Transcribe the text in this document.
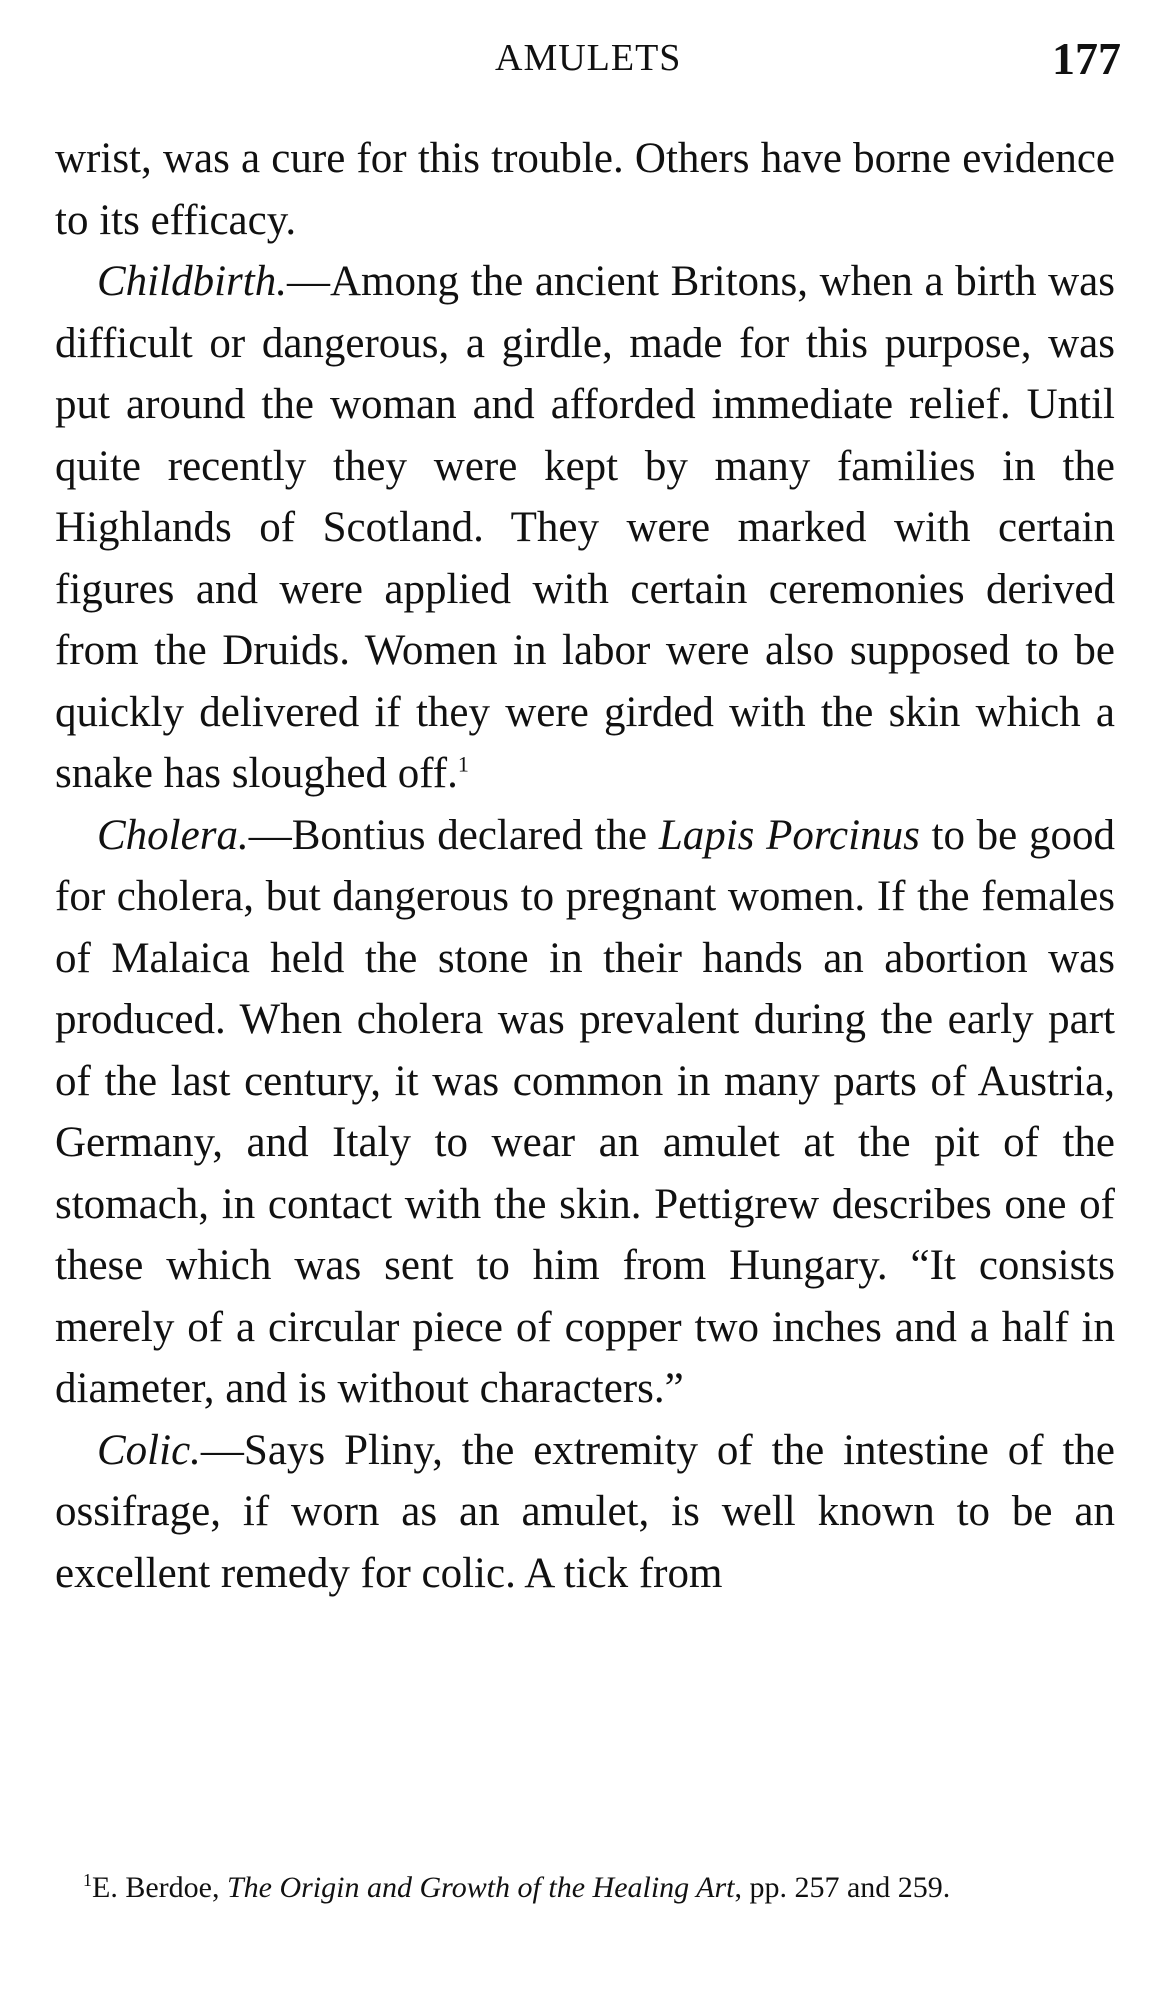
AMULETS	177

wrist, was a cure for this trouble. Others have borne evidence to its efficacy.

Childbirth.—Among the ancient Britons, when a birth was difficult or dangerous, a girdle, made for this purpose, was put around the woman and afforded immediate relief. Until quite recently they were kept by many families in the Highlands of Scotland. They were marked with certain figures and were applied with certain ceremonies derived from the Druids. Women in labor were also supposed to be quickly delivered if they were girded with the skin which a snake has sloughed off.$^1$

Cholera.—Bontius declared the Lapis Porcinus to be good for cholera, but dangerous to pregnant women. If the females of Malaica held the stone in their hands an abortion was produced. When cholera was prevalent during the early part of the last century, it was common in many parts of Austria, Germany, and Italy to wear an amulet at the pit of the stomach, in contact with the skin. Pettigrew describes one of these which was sent to him from Hungary. “It consists merely of a circular piece of copper two inches and a half in diameter, and is without characters.”

Colic.—Says Pliny, the extremity of the intestine of the ossifrage, if worn as an amulet, is well known to be an excellent remedy for colic. A tick from

$^1$E. Berdoe, The Origin and Growth of the Healing Art, pp. 257 and 259.
